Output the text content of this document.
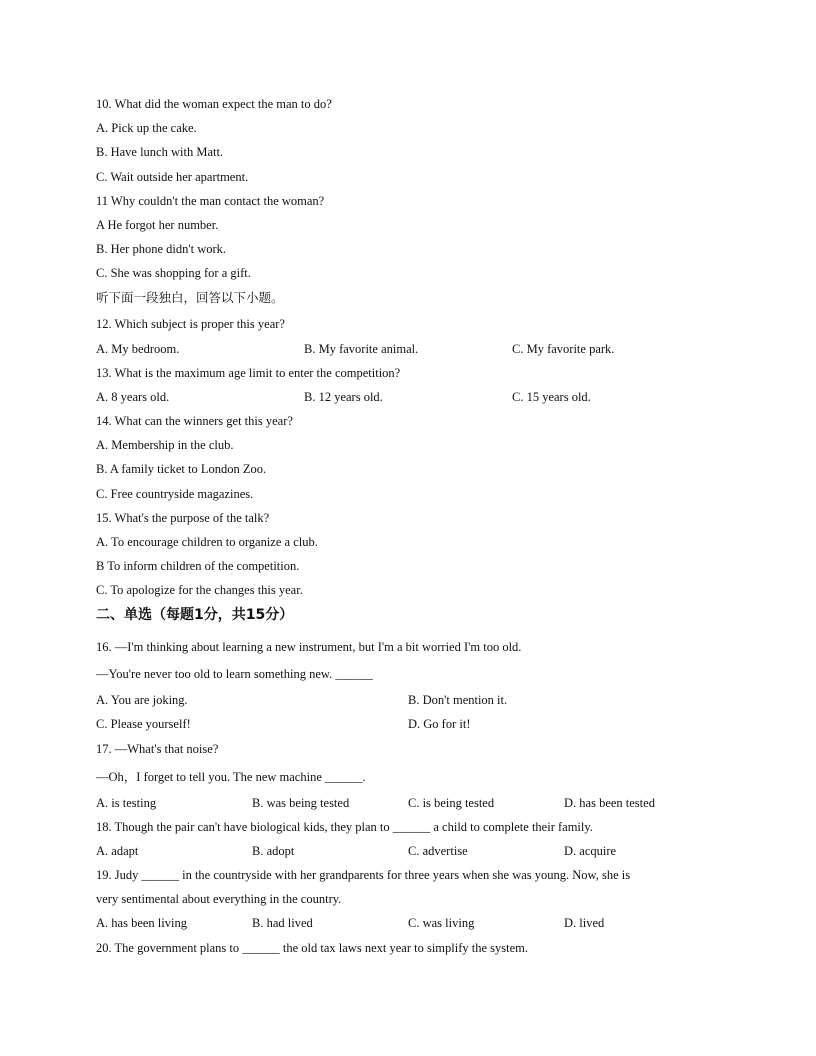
10. What did the woman expect the man to do?
A. Pick up the cake.
B. Have lunch with Matt.
C. Wait outside her apartment.
11 Why couldn't the man contact the woman?
A He forgot her number.
B. Her phone didn't work.
C. She was shopping for a gift.
听下面一段独白，回答以下小题。
12. Which subject is proper this year?
A. My bedroom.	B. My favorite animal.	C. My favorite park.
13. What is the maximum age limit to enter the competition?
A. 8 years old.	B. 12 years old.	C. 15 years old.
14. What can the winners get this year?
A. Membership in the club.
B. A family ticket to London Zoo.
C. Free countryside magazines.
15. What's the purpose of the talk?
A. To encourage children to organize a club.
B To inform children of the competition.
C. To apologize for the changes this year.
二、单选（每题1分，共15分）
16. —I'm thinking about learning a new instrument, but I'm a bit worried I'm too old.
—You're never too old to learn something new. ______
A. You are joking.	B. Don't mention it.
C. Please yourself!	D. Go for it!
17. —What's that noise?
—Oh，I forget to tell you. The new machine ______.
A. is testing	B. was being tested	C. is being tested	D. has been tested
18. Though the pair can't have biological kids, they plan to ______ a child to complete their family.
A. adapt	B. adopt	C. advertise	D. acquire
19. Judy ______ in the countryside with her grandparents for three years when she was young. Now, she is
very sentimental about everything in the country.
A. has been living	B. had lived	C. was living	D. lived
20. The government plans to ______ the old tax laws next year to simplify the system.
